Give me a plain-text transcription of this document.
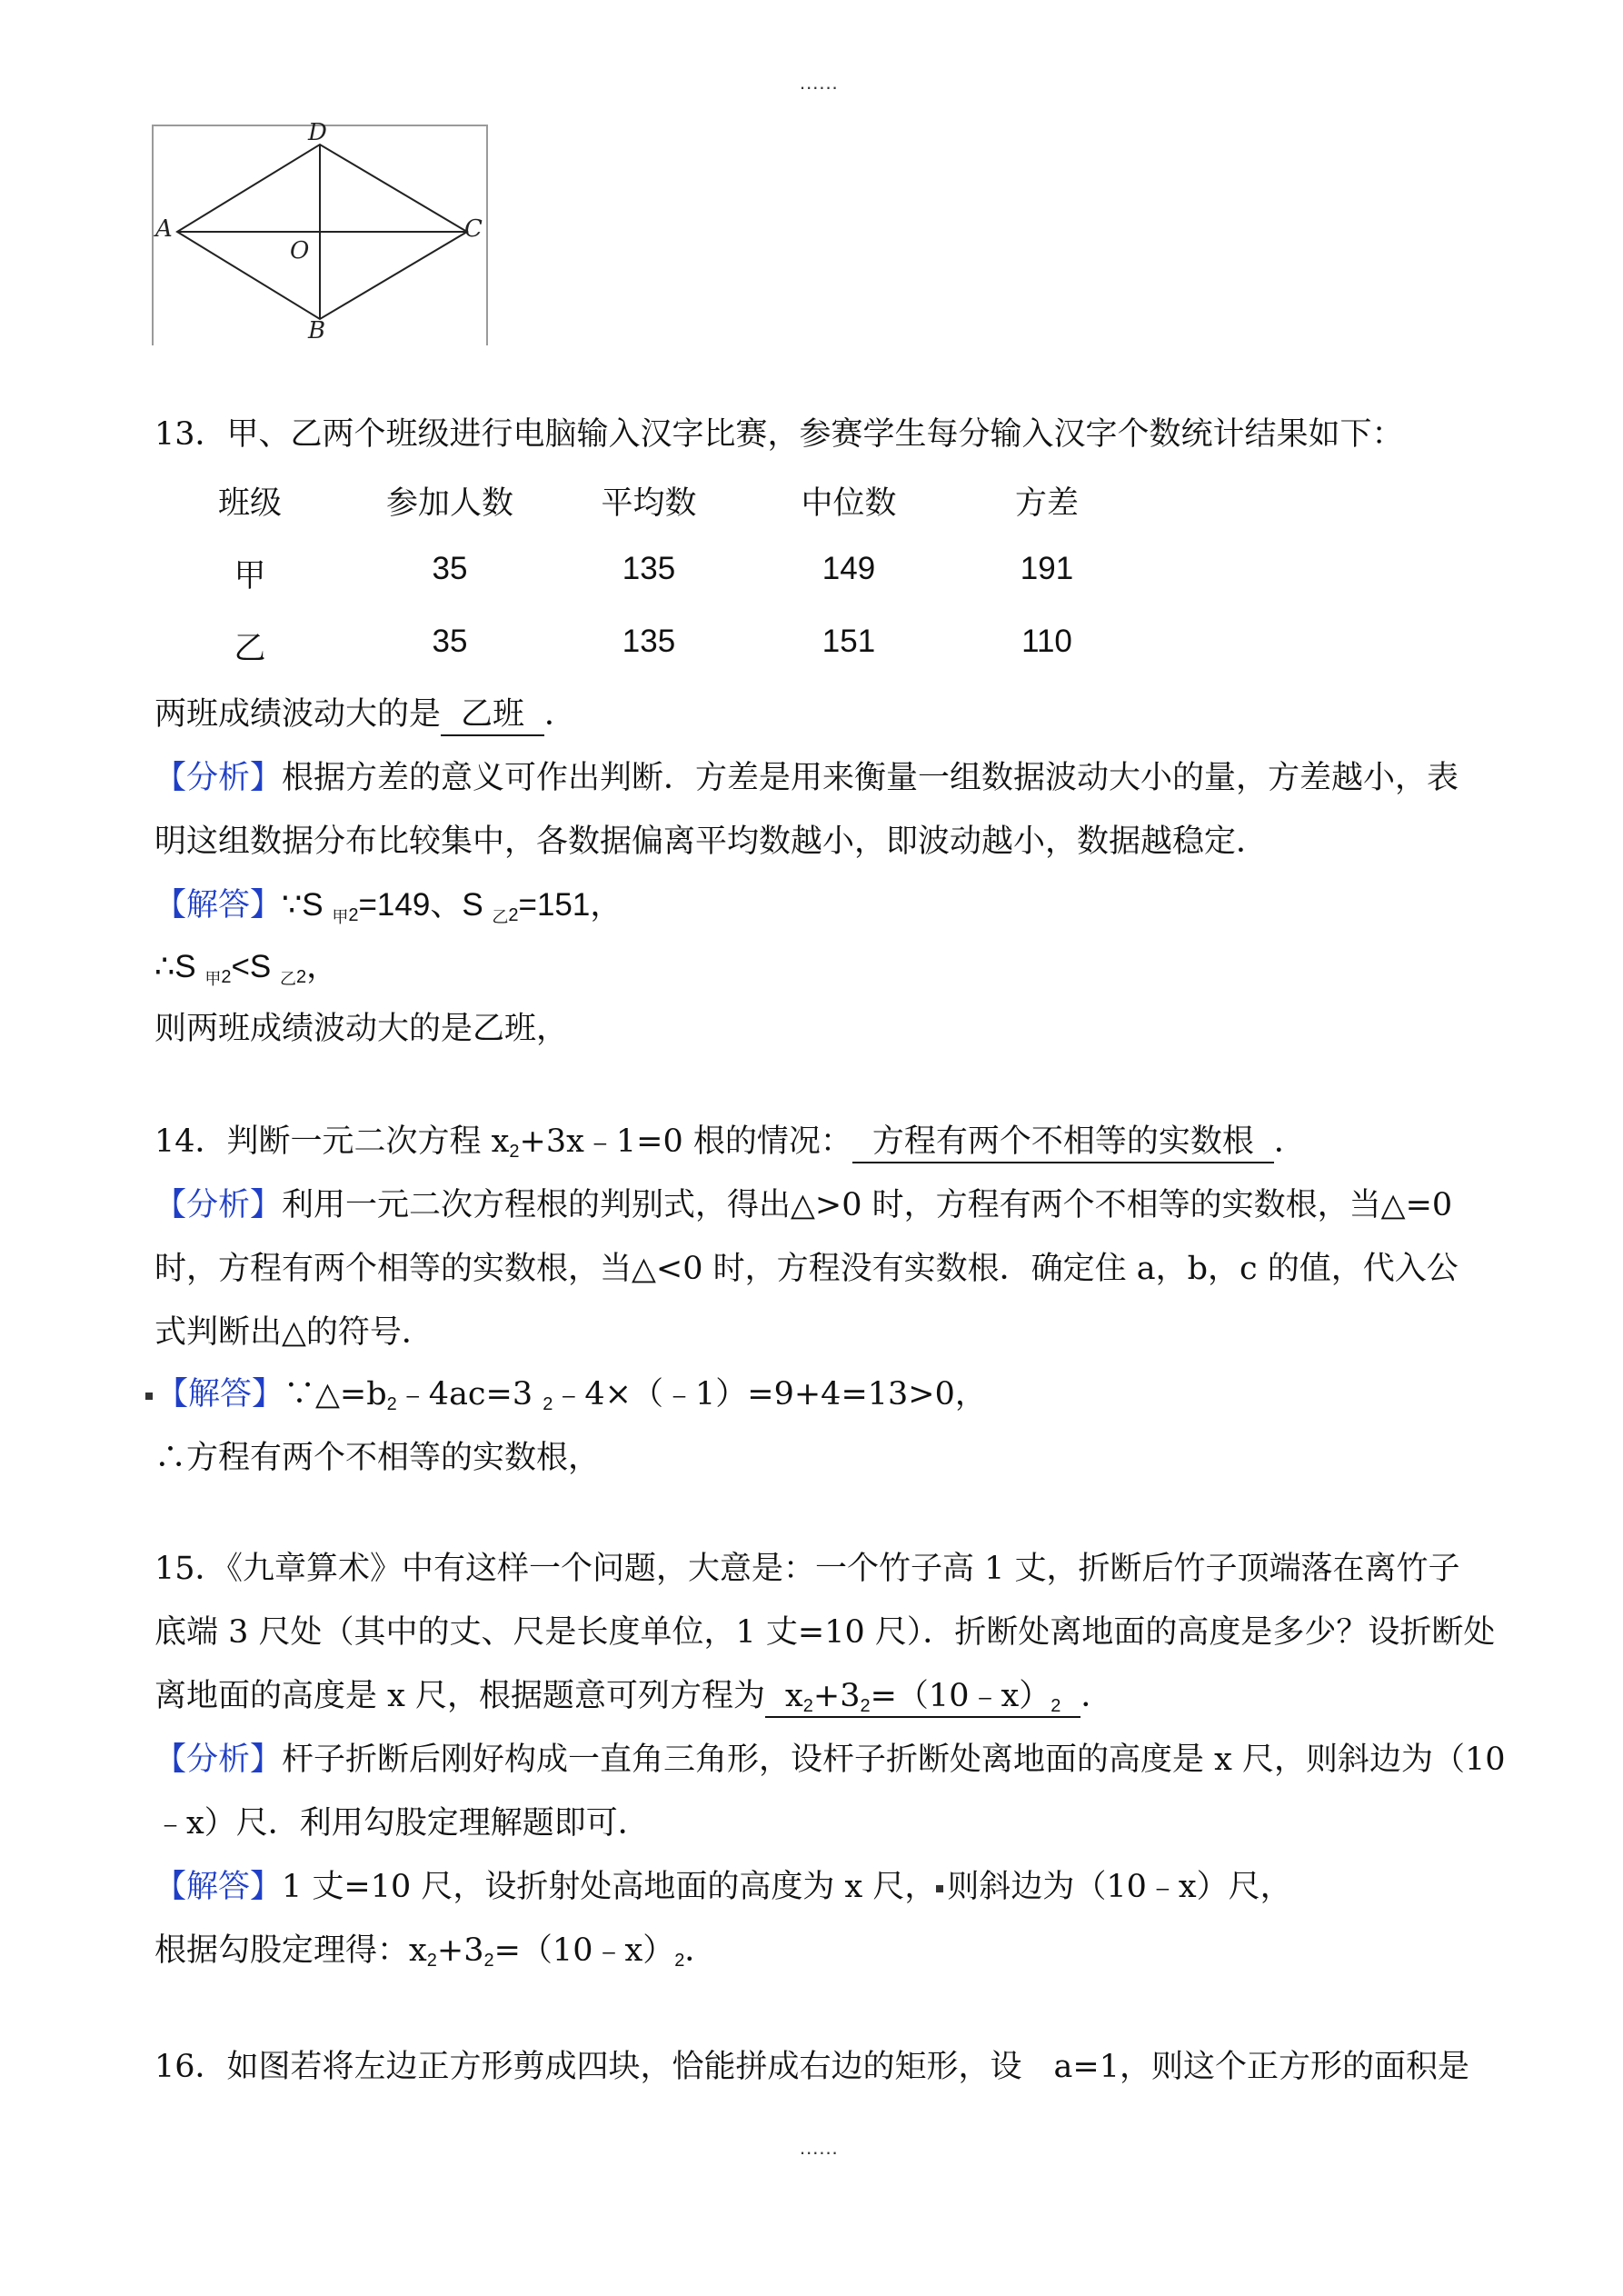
......
D
A	C
O
B
13．甲、乙两个班级进行电脑输入汉字比赛，参赛学生每分输入汉字个数统计结果如下：
班级	参加人数	平均数	中位数	方差
甲	35	135	149	191
乙	35	135	151	110
两班成绩波动大的是 乙班 ．
【分析】根据方差的意义可作出判断．方差是用来衡量一组数据波动大小的量，方差越小，表
明这组数据分布比较集中，各数据偏离平均数越小，即波动越小，数据越稳定．
【解答】∵S $_{甲2}$=149、S $_{乙2}$=151，
∴S $_{甲2}$<S $_{乙2}$，
则两班成绩波动大的是乙班，
14．判断一元二次方程 $x_2+3x﹣1=0$ 根的情况： 方程有两个不相等的实数根 ．
【分析】利用一元二次方程根的判别式，得出△>0 时，方程有两个不相等的实数根，当△=0
时，方程有两个相等的实数根，当△<0 时，方程没有实数根．确定住 a，b，c 的值，代入公
式判断出△的符号．
【解答】$\because\triangle=b_2﹣4ac=3$ $_2$﹣4×（﹣1）=9+4=13>0，
∴方程有两个不相等的实数根，
15．《九章算术》中有这样一个问题，大意是：一个竹子高 1 丈，折断后竹子顶端落在离竹子
底端 3 尺处（其中的丈、尺是长度单位，1 丈=10 尺）．折断处离地面的高度是多少？设折断处
离地面的高度是 x 尺，根据题意可列方程为 $x_2+3_2=(10﹣x)_2$ ．
【分析】杆子折断后刚好构成一直角三角形，设杆子折断处离地面的高度是 x 尺，则斜边为（10
﹣x）尺．利用勾股定理解题即可．
【解答】1 丈=10 尺，设折射处高地面的高度为 x 尺， 则斜边为（10﹣x）尺，
根据勾股定理得：$x_2+3_2=(10﹣x)_2$．
16．如图若将左边正方形剪成四块，恰能拼成右边的矩形，设　a=1，则这个正方形的面积是
......
